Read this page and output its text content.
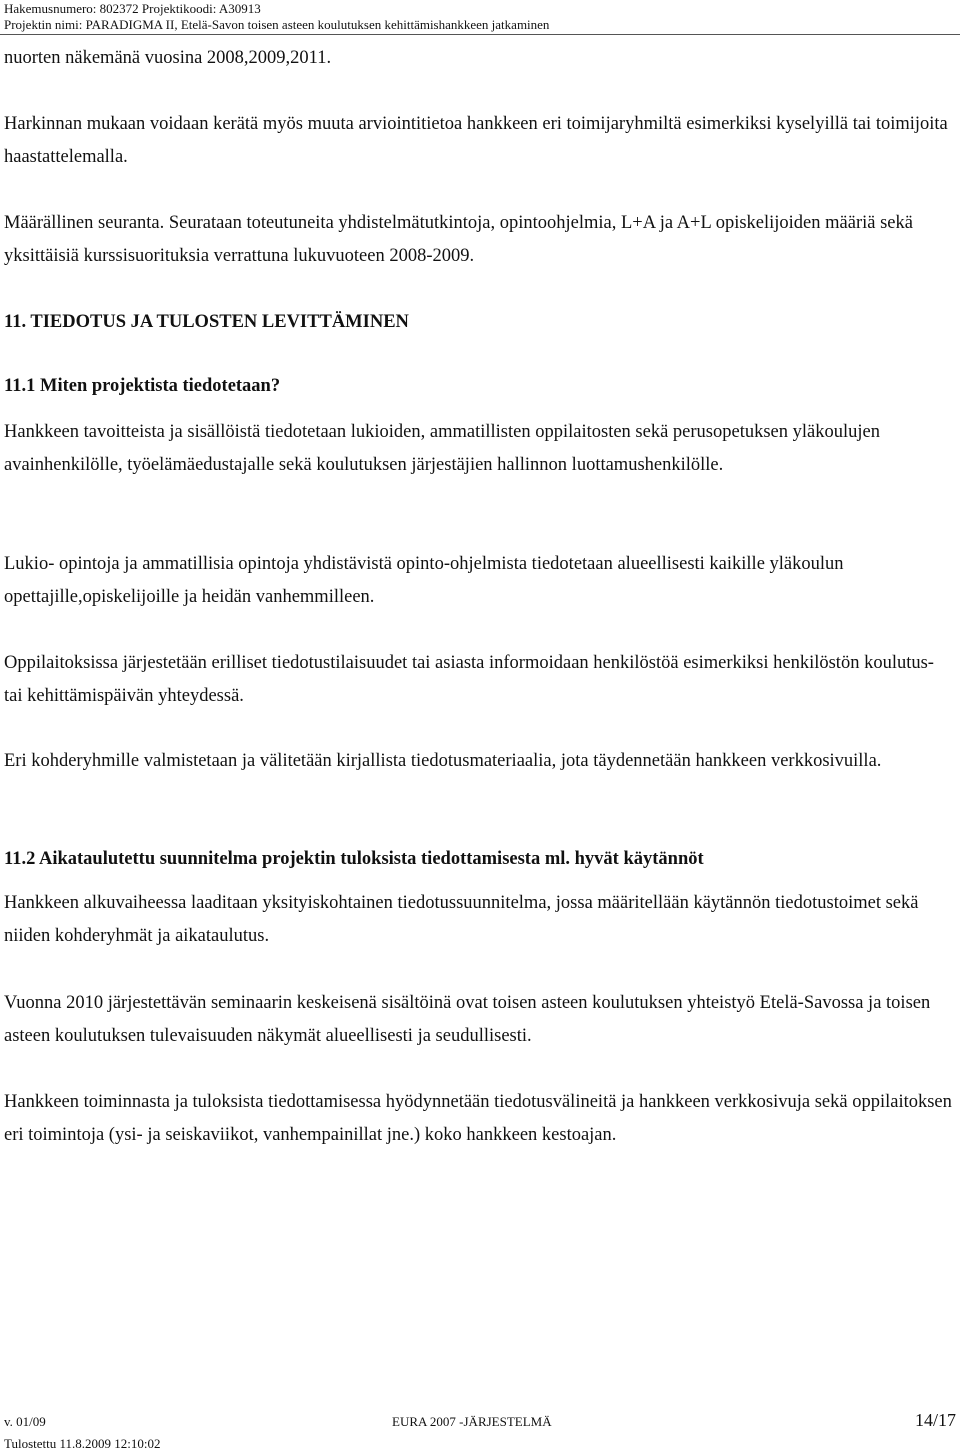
Hakemusnumero: 802372 Projektikoodi: A30913
Projektin nimi: PARADIGMA II, Etelä-Savon toisen asteen koulutuksen kehittämishankkeen jatkaminen

nuorten näkemänä vuosina 2008,2009,2011.

Harkinnan mukaan voidaan kerätä myös muuta arviointitietoa hankkeen eri toimijaryhmiltä esimerkiksi kyselyillä tai toimijoita haastattelemalla.

Määrällinen seuranta. Seurataan toteutuneita yhdistelmätutkintoja, opintoohjelmia, L+A ja A+L opiskelijoiden määriä sekä yksittäisiä kurssisuorituksia verrattuna lukuvuoteen 2008-2009.

11. TIEDOTUS JA TULOSTEN LEVITTÄMINEN
11.1 Miten projektista tiedotetaan?

Hankkeen tavoitteista ja sisällöistä tiedotetaan lukioiden, ammatillisten oppilaitosten sekä perusopetuksen yläkoulujen avainhenkilölle, työelämäedustajalle sekä koulutuksen järjestäjien hallinnon luottamushenkilölle.

Lukio- opintoja ja ammatillisia opintoja yhdistävistä opinto-ohjelmista tiedotetaan alueellisesti kaikille yläkoulun opettajille,opiskelijoille ja heidän vanhemmilleen.

Oppilaitoksissa järjestetään erilliset tiedotustilaisuudet tai asiasta informoidaan henkilöstöä esimerkiksi henkilöstön koulutus- tai kehittämispäivän yhteydessä.

Eri kohderyhmille valmistetaan ja välitetään kirjallista tiedotusmateriaalia, jota täydennetään hankkeen verkkosivuilla.

11.2 Aikataulutettu suunnitelma projektin tuloksista tiedottamisesta ml. hyvät käytännöt

Hankkeen alkuvaiheessa laaditaan yksityiskohtainen tiedotussuunnitelma, jossa määritellään käytännön tiedotustoimet sekä niiden kohderyhmät ja aikataulutus.

Vuonna 2010 järjestettävän seminaarin keskeisenä sisältöinä ovat toisen asteen koulutuksen yhteistyö Etelä-Savossa ja toisen asteen koulutuksen tulevaisuuden näkymät alueellisesti ja seudullisesti.

Hankkeen toiminnasta ja tuloksista tiedottamisessa hyödynnetään tiedotusvälineitä ja hankkeen verkkosivuja sekä oppilaitoksen eri toimintoja (ysi- ja seiskaviikot, vanhempainillat jne.) koko hankkeen kestoajan.

v. 01/09	EURA 2007 -JÄRJESTELMÄ	14/17
Tulostettu 11.8.2009 12:10:02
